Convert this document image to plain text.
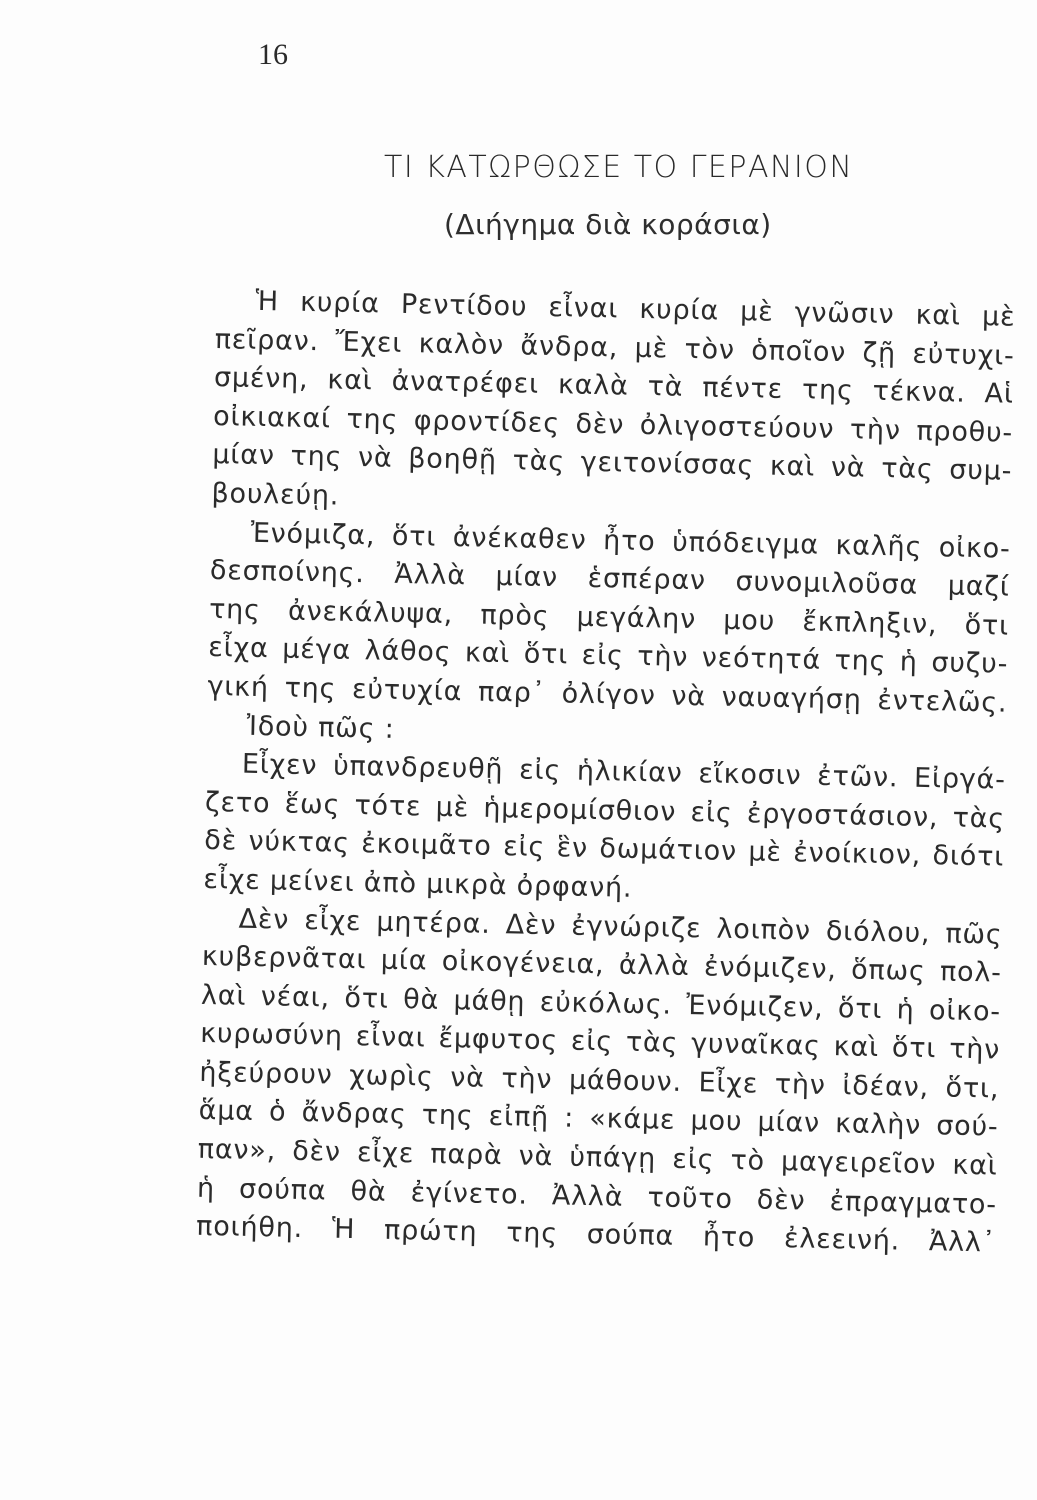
16
ΤΙ ΚΑΤΩΡΘΩΣΕ ΤΟ ΓΕΡΑΝΙΟΝ
(Διήγημα διὰ κοράσια)
Ἡ κυρία Ρεντίδου εἶναι κυρία μὲ γνῶσιν καὶ μὲ
πεῖραν. Ἔχει καλὸν ἄνδρα, μὲ τὸν ὁποῖον ζῇ εὐτυχι-
σμένη, καὶ ἀνατρέφει καλὰ τὰ πέντε της τέκνα. Αἱ
οἰκιακαί της φροντίδες δὲν ὀλιγοστεύουν τὴν προθυ-
μίαν της νὰ βοηθῇ τὰς γειτονίσσας καὶ νὰ τὰς συμ-
βουλεύῃ.
Ἐνόμιζα, ὅτι ἀνέκαθεν ἦτο ὑπόδειγμα καλῆς οἰκο-
δεσποίνης. Ἀλλὰ μίαν ἑσπέραν συνομιλοῦσα μαζί
της ἀνεκάλυψα, πρὸς μεγάλην μου ἔκπληξιν, ὅτι
εἶχα μέγα λάθος καὶ ὅτι εἰς τὴν νεότητά της ἡ συζυ-
γική της εὐτυχία παρ᾽ ὀλίγον νὰ ναυαγήσῃ ἐντελῶς.
Ἰδοὺ πῶς :
Εἶχεν ὑπανδρευθῇ εἰς ἡλικίαν εἴκοσιν ἐτῶν. Εἰργά-
ζετο ἕως τότε μὲ ἡμερομίσθιον εἰς ἐργοστάσιον, τὰς
δὲ νύκτας ἐκοιμᾶτο εἰς ἓν δωμάτιον μὲ ἐνοίκιον, διότι
εἶχε μείνει ἀπὸ μικρὰ ὀρφανή.
Δὲν εἶχε μητέρα. Δὲν ἐγνώριζε λοιπὸν διόλου, πῶς
κυβερνᾶται μία οἰκογένεια, ἀλλὰ ἐνόμιζεν, ὅπως πολ-
λαὶ νέαι, ὅτι θὰ μάθῃ εὐκόλως. Ἐνόμιζεν, ὅτι ἡ οἰκο-
κυρωσύνη εἶναι ἔμφυτος εἰς τὰς γυναῖκας καὶ ὅτι τὴν
ἠξεύρουν χωρὶς νὰ τὴν μάθουν. Εἶχε τὴν ἰδέαν, ὅτι,
ἅμα ὁ ἄνδρας της εἰπῇ : «κάμε μου μίαν καλὴν σού-
παν», δὲν εἶχε παρὰ νὰ ὑπάγῃ εἰς τὸ μαγειρεῖον καὶ
ἡ σούπα θὰ ἐγίνετο. Ἀλλὰ τοῦτο δὲν ἐπραγματο-
ποιήθη. Ἡ πρώτη της σούπα ἦτο ἐλεεινή. Ἀλλ᾽
